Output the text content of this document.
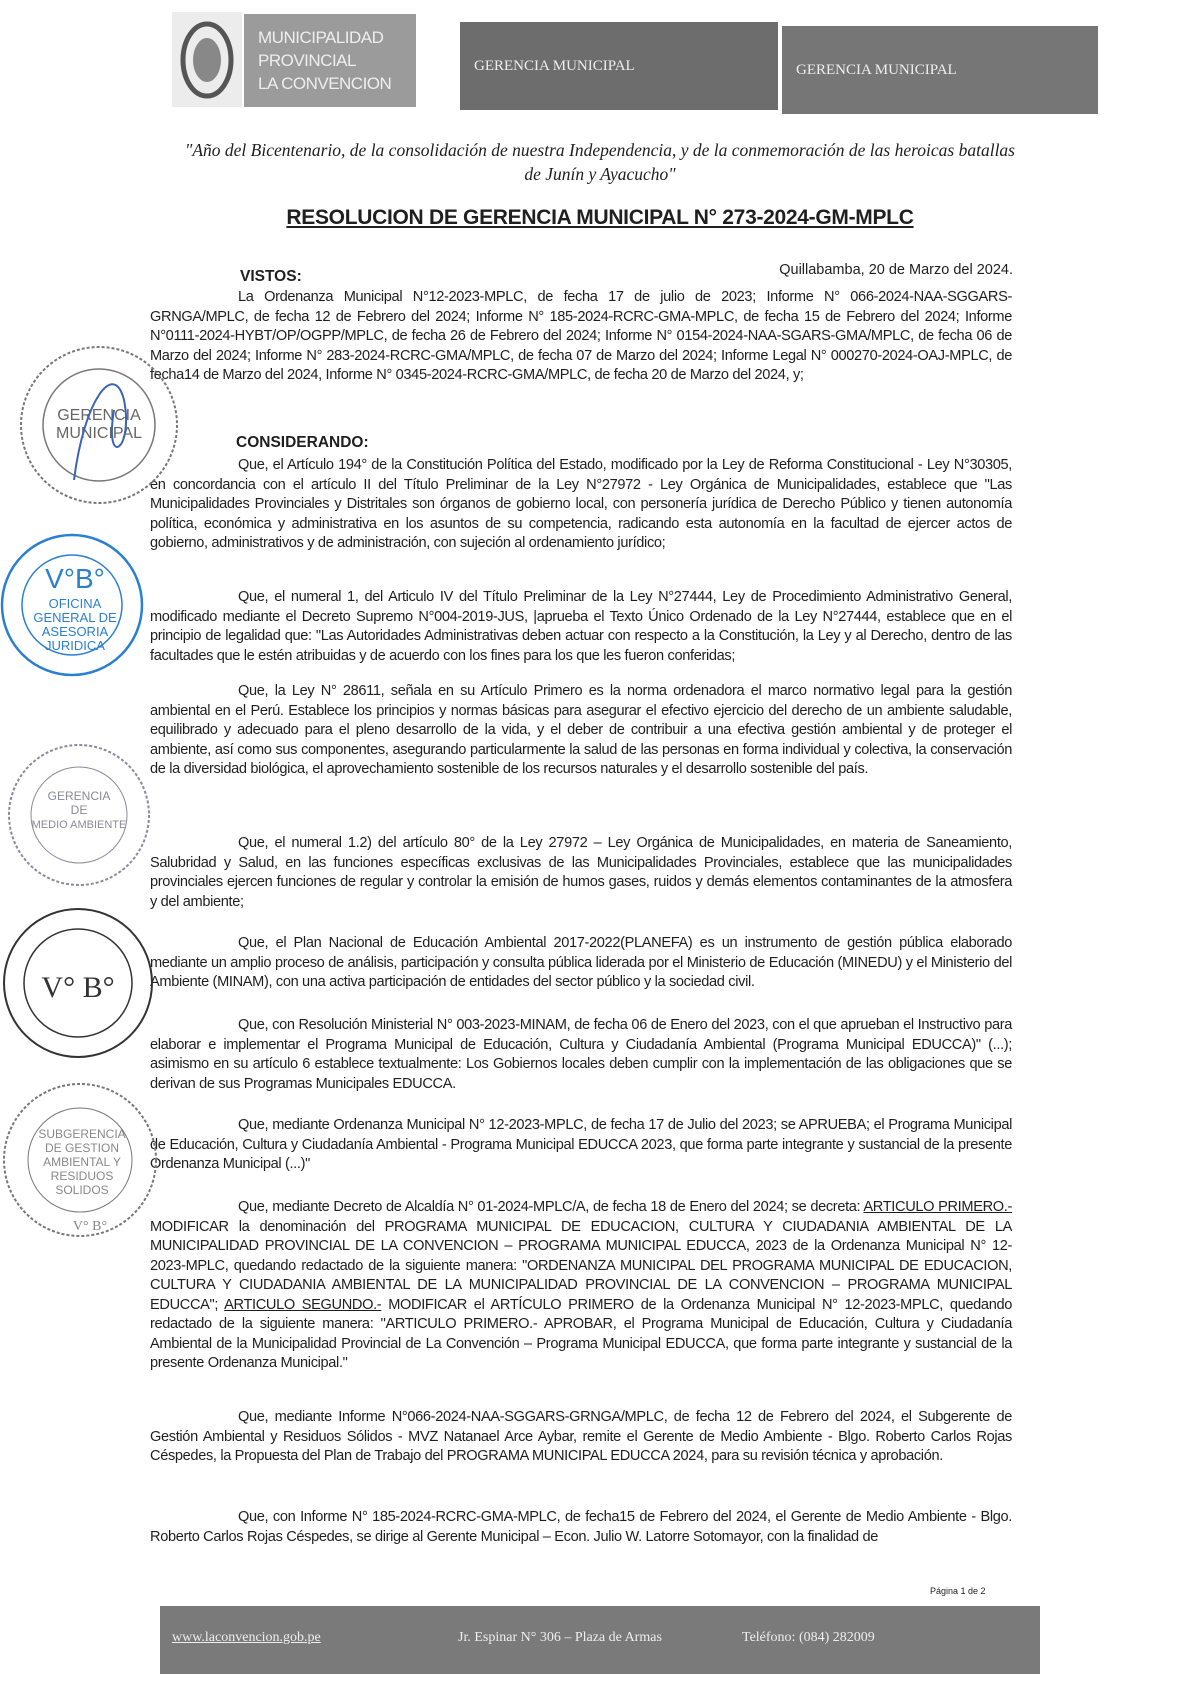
MUNICIPALIDAD
PROVINCIAL
LA CONVENCION
GERENCIA MUNICIPAL	GERENCIA MUNICIPAL
"Año del Bicentenario, de la consolidación de nuestra Independencia, y de la conmemoración de las heroicas batallas de Junín y Ayacucho"
RESOLUCION DE GERENCIA MUNICIPAL N° 273-2024-GM-MPLC
Quillabamba, 20 de Marzo del 2024.
VISTOS:
La Ordenanza Municipal N°12-2023-MPLC, de fecha 17 de julio de 2023; Informe N° 066-2024-NAA-SGGARS-GRNGA/MPLC, de fecha 12 de Febrero del 2024; Informe N° 185-2024-RCRC-GMA-MPLC, de fecha 15 de Febrero del 2024; Informe N°0111-2024-HYBT/OP/OGPP/MPLC, de fecha 26 de Febrero del 2024; Informe N° 0154-2024-NAA-SGARS-GMA/MPLC, de fecha 06 de Marzo del 2024; Informe N° 283-2024-RCRC-GMA/MPLC, de fecha 07 de Marzo del 2024; Informe Legal N° 000270-2024-OAJ-MPLC, de fecha14 de Marzo del 2024, Informe N° 0345-2024-RCRC-GMA/MPLC, de fecha 20 de Marzo del 2024, y;
CONSIDERANDO:
Que, el Artículo 194° de la Constitución Política del Estado, modificado por la Ley de Reforma Constitucional - Ley N°30305, en concordancia con el artículo II del Título Preliminar de la Ley N°27972 - Ley Orgánica de Municipalidades, establece que "Las Municipalidades Provinciales y Distritales son órganos de gobierno local, con personería jurídica de Derecho Público y tienen autonomía política, económica y administrativa en los asuntos de su competencia, radicando esta autonomía en la facultad de ejercer actos de gobierno, administrativos y de administración, con sujeción al ordenamiento jurídico;
Que, el numeral 1, del Articulo IV del Título Preliminar de la Ley N°27444, Ley de Procedimiento Administrativo General, modificado mediante el Decreto Supremo N°004-2019-JUS, |aprueba el Texto Único Ordenado de la Ley N°27444, establece que en el principio de legalidad que: "Las Autoridades Administrativas deben actuar con respecto a la Constitución, la Ley y al Derecho, dentro de las facultades que le estén atribuidas y de acuerdo con los fines para los que les fueron conferidas;
Que, la Ley N° 28611, señala en su Artículo Primero es la norma ordenadora el marco normativo legal para la gestión ambiental en el Perú. Establece los principios y normas básicas para asegurar el efectivo ejercicio del derecho de un ambiente saludable, equilibrado y adecuado para el pleno desarrollo de la vida, y el deber de contribuir a una efectiva gestión ambiental y de proteger el ambiente, así como sus componentes, asegurando particularmente la salud de las personas en forma individual y colectiva, la conservación de la diversidad biológica, el aprovechamiento sostenible de los recursos naturales y el desarrollo sostenible del país.
Que, el numeral 1.2) del artículo 80° de la Ley 27972 – Ley Orgánica de Municipalidades, en materia de Saneamiento, Salubridad y Salud, en las funciones específicas exclusivas de las Municipalidades Provinciales, establece que las municipalidades provinciales ejercen funciones de regular y controlar la emisión de humos gases, ruidos y demás elementos contaminantes de la atmosfera y del ambiente;
Que, el Plan Nacional de Educación Ambiental 2017-2022(PLANEFA) es un instrumento de gestión pública elaborado mediante un amplio proceso de análisis, participación y consulta pública liderada por el Ministerio de Educación (MINEDU) y el Ministerio del Ambiente (MINAM), con una activa participación de entidades del sector público y la sociedad civil.
Que, con Resolución Ministerial N° 003-2023-MINAM, de fecha 06 de Enero del 2023, con el que aprueban el Instructivo para elaborar e implementar el Programa Municipal de Educación, Cultura y Ciudadanía Ambiental (Programa Municipal EDUCCA)" (...); asimismo en su artículo 6 establece textualmente: Los Gobiernos locales deben cumplir con la implementación de las obligaciones que se derivan de sus Programas Municipales EDUCCA.
Que, mediante Ordenanza Municipal N° 12-2023-MPLC, de fecha 17 de Julio del 2023; se APRUEBA; el Programa Municipal de Educación, Cultura y Ciudadanía Ambiental - Programa Municipal EDUCCA 2023, que forma parte integrante y sustancial de la presente Ordenanza Municipal (...)"
Que, mediante Decreto de Alcaldía N° 01-2024-MPLC/A, de fecha 18 de Enero del 2024; se decreta: ARTICULO PRIMERO.- MODIFICAR la denominación del PROGRAMA MUNICIPAL DE EDUCACION, CULTURA Y CIUDADANIA AMBIENTAL DE LA MUNICIPALIDAD PROVINCIAL DE LA CONVENCION – PROGRAMA MUNICIPAL EDUCCA, 2023 de la Ordenanza Municipal N° 12-2023-MPLC, quedando redactado de la siguiente manera: "ORDENANZA MUNICIPAL DEL PROGRAMA MUNICIPAL DE EDUCACION, CULTURA Y CIUDADANIA AMBIENTAL DE LA MUNICIPALIDAD PROVINCIAL DE LA CONVENCION – PROGRAMA MUNICIPAL EDUCCA"; ARTICULO SEGUNDO.- MODIFICAR el ARTÍCULO PRIMERO de la Ordenanza Municipal N° 12-2023-MPLC, quedando redactado de la siguiente manera: "ARTICULO PRIMERO.- APROBAR, el Programa Municipal de Educación, Cultura y Ciudadanía Ambiental de la Municipalidad Provincial de La Convención – Programa Municipal EDUCCA, que forma parte integrante y sustancial de la presente Ordenanza Municipal."
Que, mediante Informe N°066-2024-NAA-SGGARS-GRNGA/MPLC, de fecha 12 de Febrero del 2024, el Subgerente de Gestión Ambiental y Residuos Sólidos - MVZ Natanael Arce Aybar, remite el Gerente de Medio Ambiente - Blgo. Roberto Carlos Rojas Céspedes, la Propuesta del Plan de Trabajo del PROGRAMA MUNICIPAL EDUCCA 2024, para su revisión técnica y aprobación.
Que, con Informe N° 185-2024-RCRC-GMA-MPLC, de fecha15 de Febrero del 2024, el Gerente de Medio Ambiente - Blgo. Roberto Carlos Rojas Céspedes, se dirige al Gerente Municipal – Econ. Julio W. Latorre Sotomayor, con la finalidad de
Página 1 de 2
www.laconvencion.gob.pe	Jr. Espinar N° 306 – Plaza de Armas	Teléfono: (084) 282009
GERENCIA
MUNICIPAL
V°B°
OFICINA
GENERAL DE
ASESORIA
JURIDICA
GERENCIA
DE
MEDIO AMBIENTE
V° B°
SUBGERENCIA
DE GESTION
AMBIENTAL Y
RESIDUOS
SOLIDOS
V° B°
